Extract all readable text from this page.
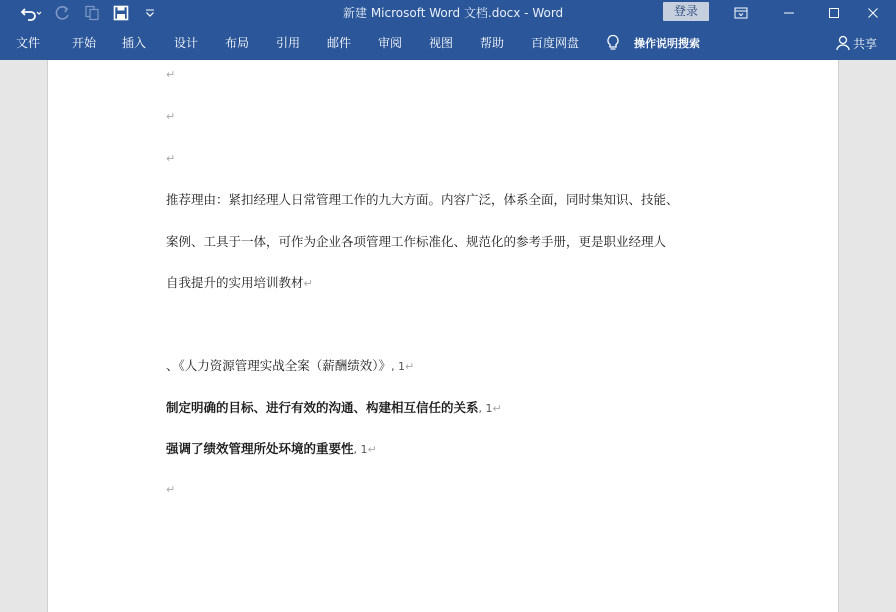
新建 Microsoft Word 文档.docx - Word	登录
文件	开始 插入 设计 布局 引用 邮件 审阅 视图 帮助 百度网盘	操作说明搜索	共享
↵
↵
↵
推荐理由：紧扣经理人日常管理工作的九大方面。内容广泛，体系全面，同时集知识、技能、
案例、工具于一体，可作为企业各项管理工作标准化、规范化的参考手册，更是职业经理人
自我提升的实用培训教材↵
、《人力资源管理实战全案（薪酬绩效）》, 1↵
制定明确的目标、进行有效的沟通、构建相互信任的关系, 1↵
强调了绩效管理所处环境的重要性, 1↵
↵
